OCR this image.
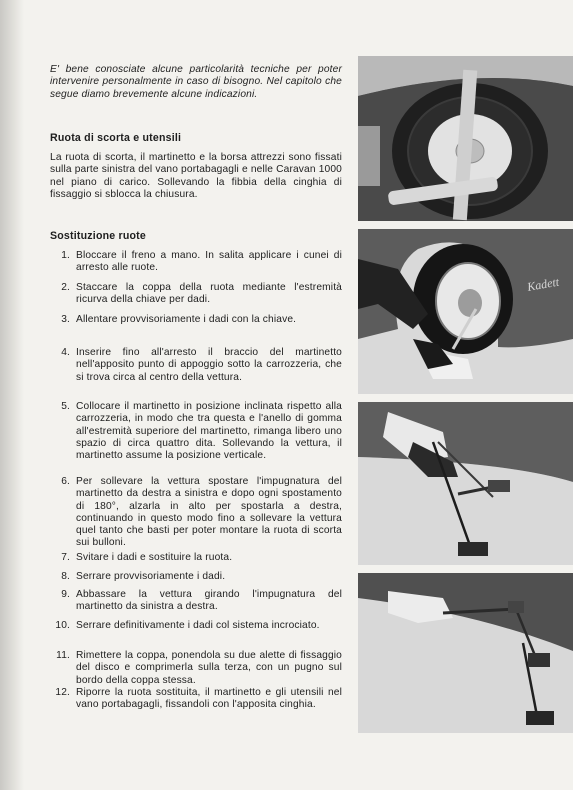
E' bene conosciate alcune particolarità tecniche per poter intervenire personalmente in caso di bisogno. Nel capitolo che segue diamo brevemente alcune indicazioni.

Ruota di scorta e utensili

La ruota di scorta, il martinetto e la borsa attrezzi sono fissati sulla parte sinistra del vano portabagagli e nelle Caravan 1000 nel piano di carico. Sollevando la fibbia della cinghia di fissaggio si sblocca la chiusura.

Sostituzione ruote
1. Bloccare il freno a mano. In salita applicare i cunei di arresto alle ruote.
2. Staccare la coppa della ruota mediante l'estremità ricurva della chiave per dadi.
3. Allentare provvisoriamente i dadi con la chiave.
4. Inserire fino all'arresto il braccio del martinetto nell'apposito punto di appoggio sotto la carrozzeria, che si trova circa al centro della vettura.
5. Collocare il martinetto in posizione inclinata rispetto alla carrozzeria, in modo che tra questa e l'anello di gomma all'estremità superiore del martinetto, rimanga libero uno spazio di circa quattro dita. Sollevando la vettura, il martinetto assume la posizione verticale.
6. Per sollevare la vettura spostare l'impugnatura del martinetto da destra a sinistra e dopo ogni spostamento di 180°, alzarla in alto per spostarla a destra, continuando in questo modo fino a sollevare la vettura quel tanto che basti per poter montare la ruota di scorta sui bulloni.
7. Svitare i dadi e sostituire la ruota.
8. Serrare provvisoriamente i dadi.
9. Abbassare la vettura girando l'impugnatura del martinetto da sinistra a destra.
10. Serrare definitivamente i dadi col sistema incrociato.
11. Rimettere la coppa, ponendola su due alette di fissaggio del disco e comprimerla sulla terza, con un pugno sul bordo della coppa stessa.
12. Riporre la ruota sostituita, il martinetto e gli utensili nel vano portabagagli, fissandoli con l'apposita cinghia.
Kadett
